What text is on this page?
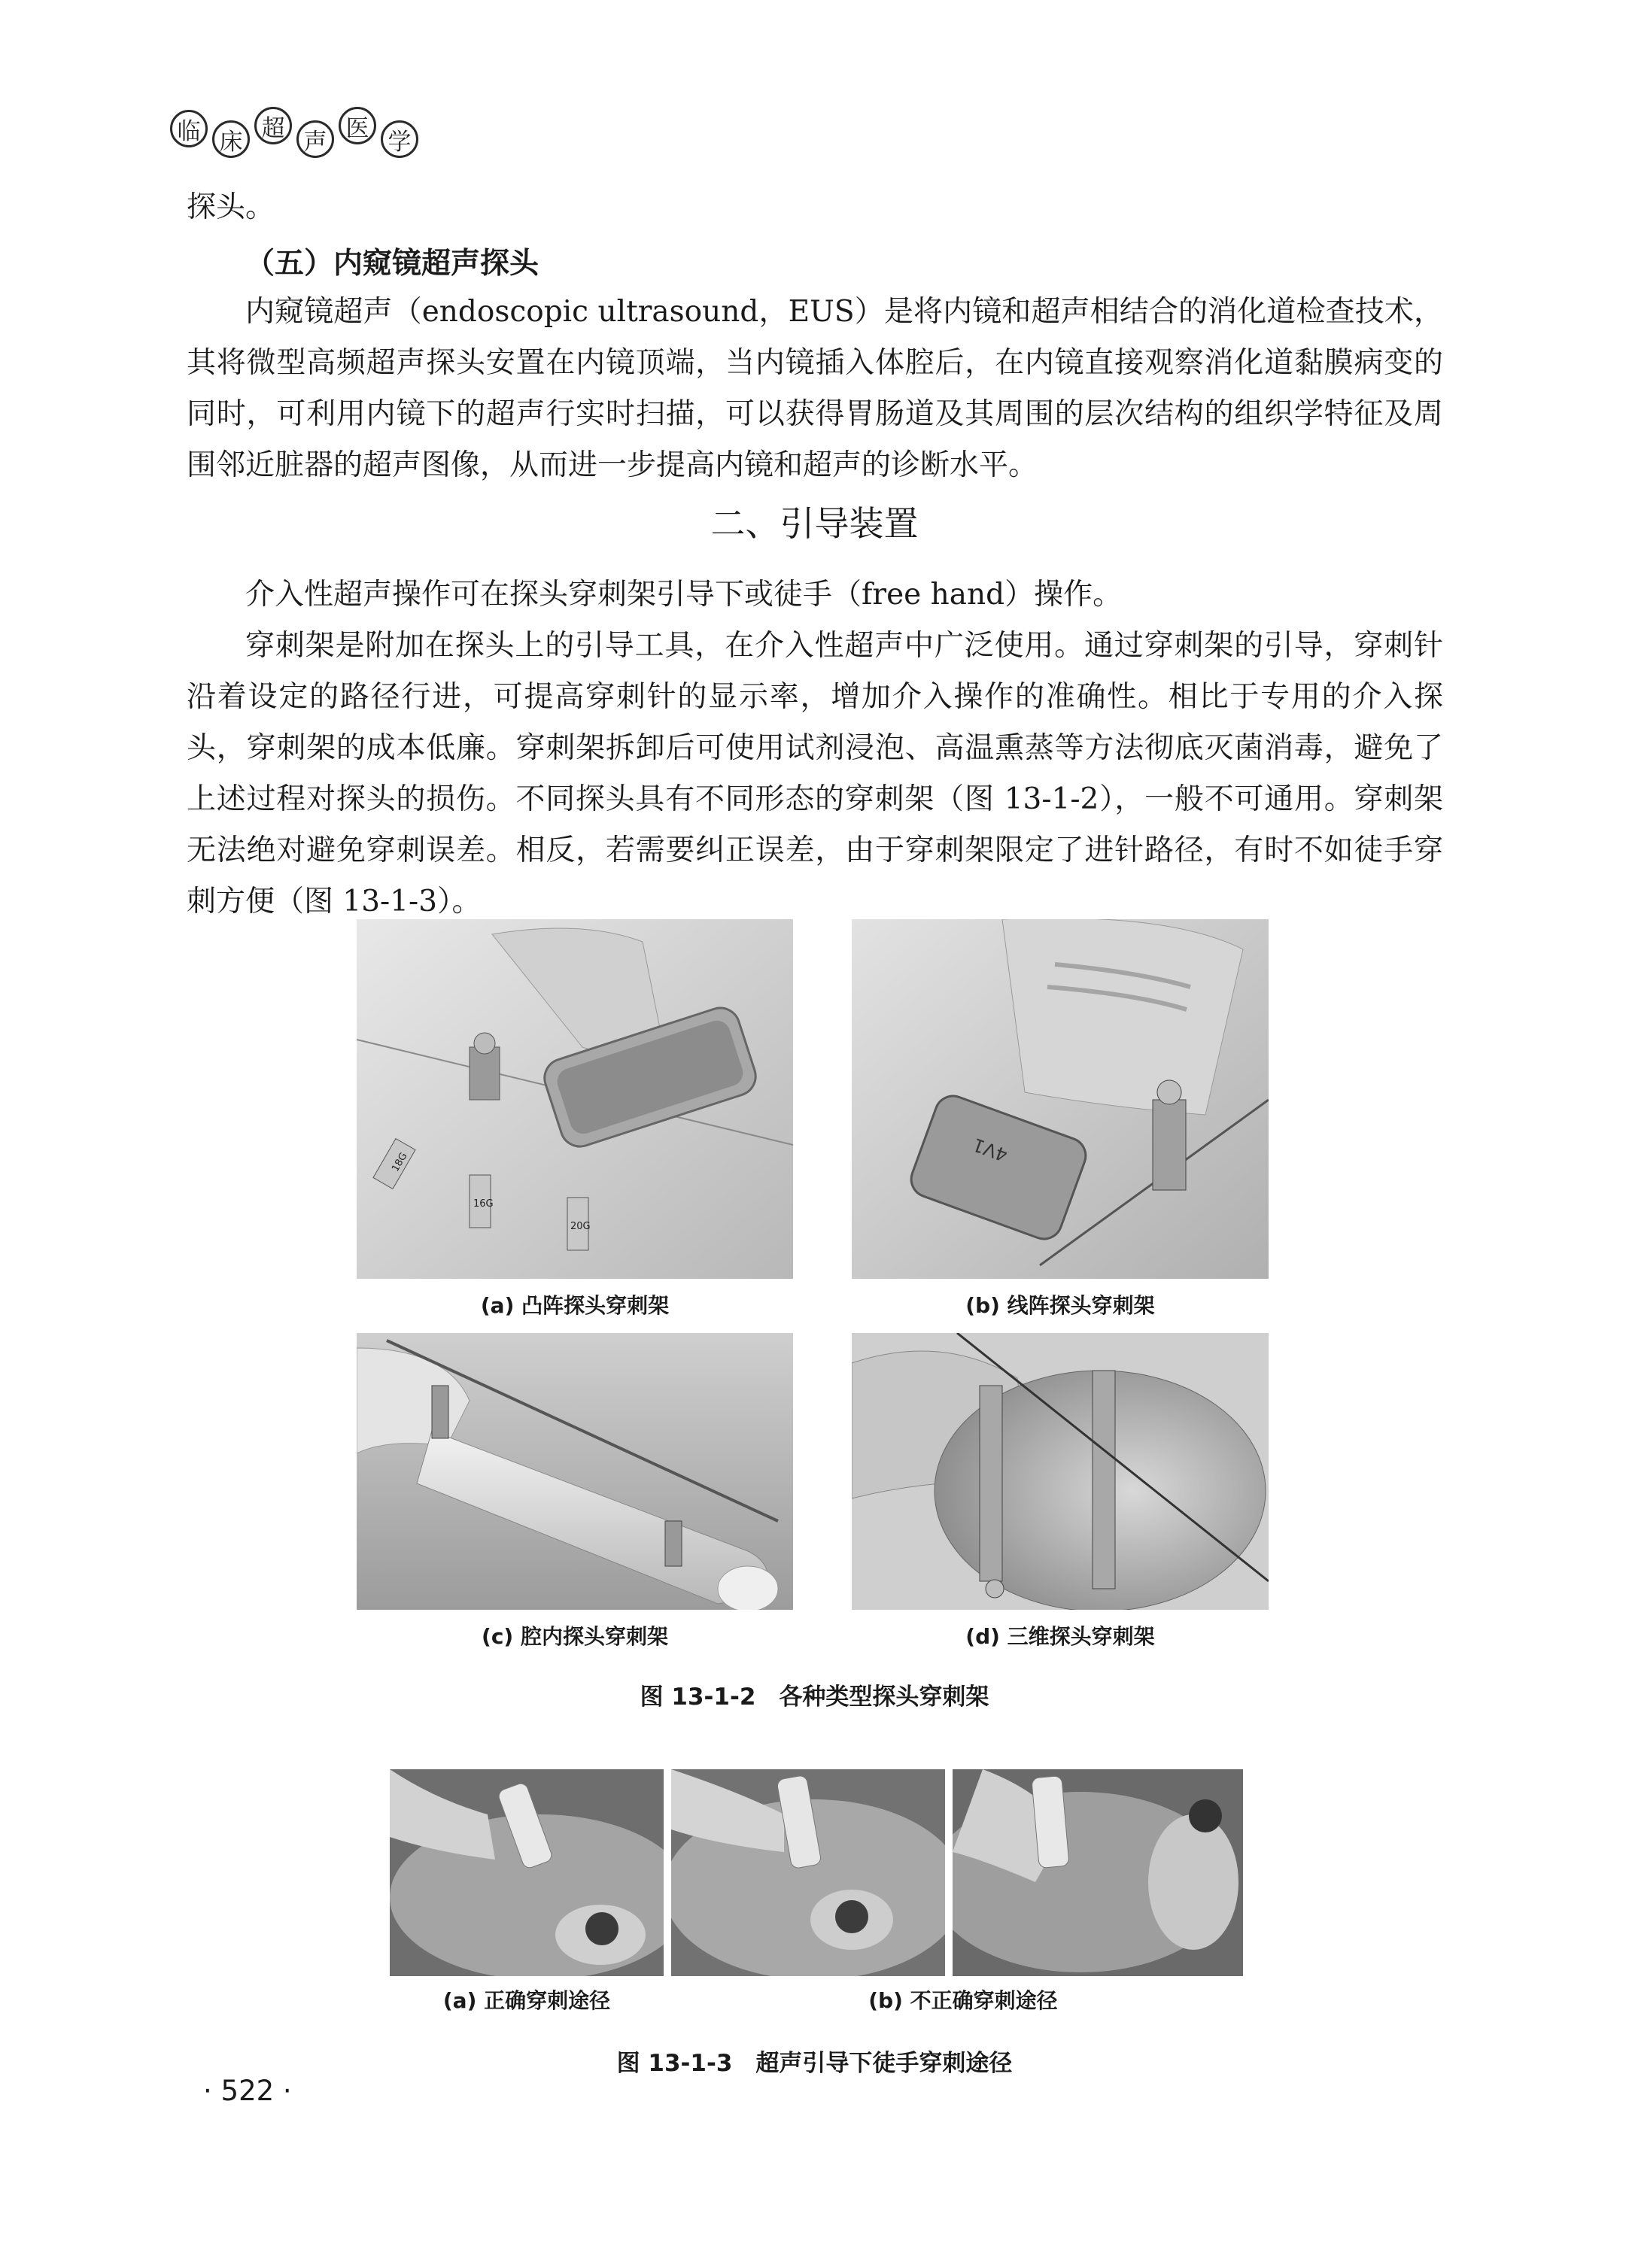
临 床 超 声 医 学

探头。

（五）内窥镜超声探头

内窥镜超声（endoscopic ultrasound，EUS）是将内镜和超声相结合的消化道检查技术，其将微型高频超声探头安置在内镜顶端，当内镜插入体腔后，在内镜直接观察消化道黏膜病变的同时，可利用内镜下的超声行实时扫描，可以获得胃肠道及其周围的层次结构的组织学特征及周围邻近脏器的超声图像，从而进一步提高内镜和超声的诊断水平。

二、引导装置

介入性超声操作可在探头穿刺架引导下或徒手（free hand）操作。

穿刺架是附加在探头上的引导工具，在介入性超声中广泛使用。通过穿刺架的引导，穿刺针沿着设定的路径行进，可提高穿刺针的显示率，增加介入操作的准确性。相比于专用的介入探头，穿刺架的成本低廉。穿刺架拆卸后可使用试剂浸泡、高温熏蒸等方法彻底灭菌消毒，避免了上述过程对探头的损伤。不同探头具有不同形态的穿刺架（图 13-1-2），一般不可通用。穿刺架无法绝对避免穿刺误差。相反，若需要纠正误差，由于穿刺架限定了进针路径，有时不如徒手穿刺方便（图 13-1-3）。

18G
16G
20G
(a) 凸阵探头穿刺架
4V1
(b) 线阵探头穿刺架
(c) 腔内探头穿刺架	(d) 三维探头穿刺架
图 13-1-2　各种类型探头穿刺架
(a) 正确穿刺途径	(b) 不正确穿刺途径
图 13-1-3　超声引导下徒手穿刺途径
· 522 ·
